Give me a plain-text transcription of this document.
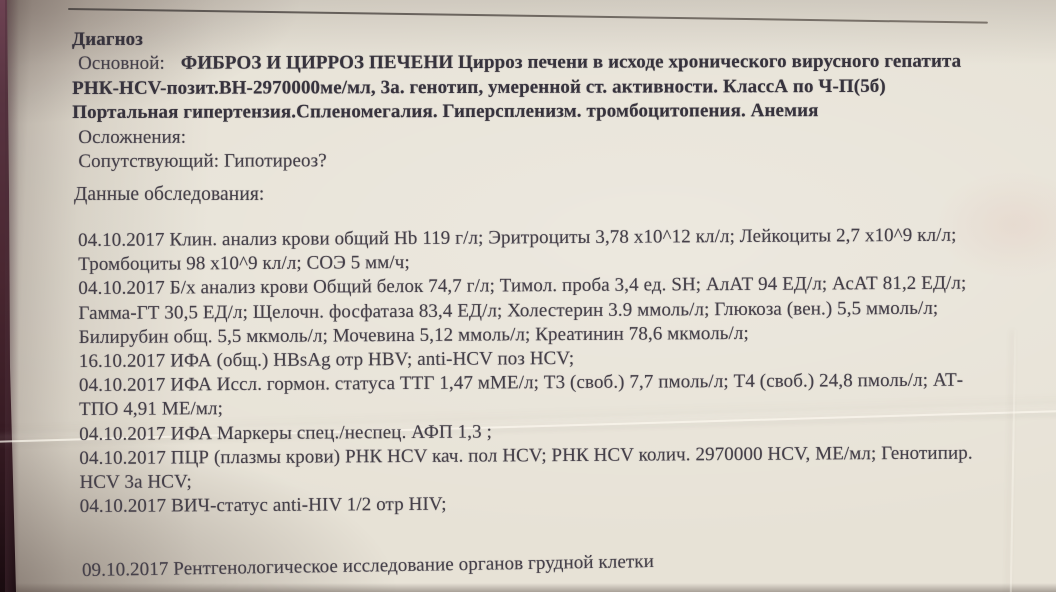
Диагноз
Основной: ФИБРОЗ И ЦИРРОЗ ПЕЧЕНИ Цирроз печени в исходе хронического вирусного гепатита
РНК-HCV-позит.ВН-2970000ме/мл, 3а. генотип, умеренной ст. активности. КлассА по Ч-П(5б)
Портальная гипертензия.Спленомегалия. Гиперспленизм. тромбоцитопения. Анемия
Осложнения:
Сопутствующий: Гипотиреоз?
Данные обследования:
04.10.2017 Клин. анализ крови общий Hb 119 г/л; Эритроциты 3,78 х10^12 кл/л; Лейкоциты 2,7 х10^9 кл/л;
Тромбоциты 98 х10^9 кл/л; СОЭ 5 мм/ч;
04.10.2017 Б/х анализ крови Общий белок 74,7 г/л; Тимол. проба 3,4 ед. SH; АлАТ 94 ЕД/л; АсАТ 81,2 ЕД/л;
Гамма-ГТ 30,5 ЕД/л; Щелочн. фосфатаза 83,4 ЕД/л; Холестерин 3.9 ммоль/л; Глюкоза (вен.) 5,5 ммоль/л;
Билирубин общ. 5,5 мкмоль/л; Мочевина 5,12 ммоль/л; Креатинин 78,6 мкмоль/л;
16.10.2017 ИФА (общ.) HBsAg отр HBV; anti-HCV поз HCV;
04.10.2017 ИФА Иссл. гормон. статуса ТТГ 1,47 мМЕ/л; Т3 (своб.) 7,7 пмоль/л; Т4 (своб.) 24,8 пмоль/л; АТ-
ТПО 4,91 МЕ/мл;
04.10.2017 ИФА Маркеры спец./неспец. АФП 1,3 ;
04.10.2017 ПЦР (плазмы крови) РНК HCV кач. пол HCV; РНК HCV колич. 2970000 HCV, МЕ/мл; Генотипир.
HCV 3а HCV;
04.10.2017 ВИЧ-статус anti-HIV 1/2 отр HIV;
09.10.2017 Рентгенологическое исследование органов грудной клетки
